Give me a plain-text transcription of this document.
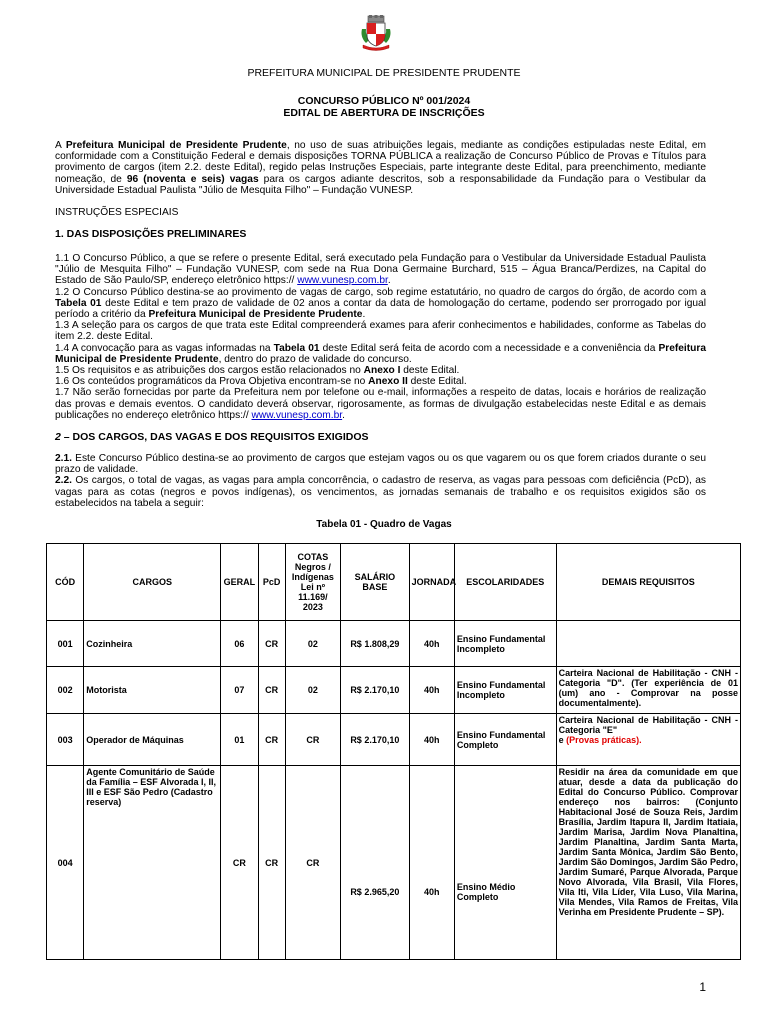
PREFEITURA MUNICIPAL DE PRESIDENTE PRUDENTE
CONCURSO PÚBLICO Nº 001/2024
EDITAL DE ABERTURA DE INSCRIÇÕES

A Prefeitura Municipal de Presidente Prudente, no uso de suas atribuições legais, mediante as condições estipuladas neste Edital, em conformidade com a Constituição Federal e demais disposições TORNA PÚBLICA a realização de Concurso Público de Provas e Títulos para provimento de cargos (item 2.2. deste Edital), regido pelas Instruções Especiais, parte integrante deste Edital, para preenchimento, mediante nomeação, de 96 (noventa e seis) vagas para os cargos adiante descritos, sob a responsabilidade da Fundação para o Vestibular da Universidade Estadual Paulista "Júlio de Mesquita Filho" – Fundação VUNESP.

INSTRUÇÕES ESPECIAIS
1. DAS DISPOSIÇÕES PRELIMINARES

1.1 O Concurso Público, a que se refere o presente Edital, será executado pela Fundação para o Vestibular da Universidade Estadual Paulista "Júlio de Mesquita Filho" – Fundação VUNESP, com sede na Rua Dona Germaine Burchard, 515 – Água Branca/Perdizes, na Capital do Estado de São Paulo/SP, endereço eletrônico https:// www.vunesp.com.br.

1.2 O Concurso Público destina-se ao provimento de vagas de cargo, sob regime estatutário, no quadro de cargos do órgão, de acordo com a Tabela 01 deste Edital e tem prazo de validade de 02 anos a contar da data de homologação do certame, podendo ser prorrogado por igual período a critério da Prefeitura Municipal de Presidente Prudente.

1.3 A seleção para os cargos de que trata este Edital compreenderá exames para aferir conhecimentos e habilidades, conforme as Tabelas do item 2.2. deste Edital.

1.4 A convocação para as vagas informadas na Tabela 01 deste Edital será feita de acordo com a necessidade e a conveniência da Prefeitura Municipal de Presidente Prudente, dentro do prazo de validade do concurso.

1.5 Os requisitos e as atribuições dos cargos estão relacionados no Anexo I deste Edital.

1.6 Os conteúdos programáticos da Prova Objetiva encontram-se no Anexo II deste Edital.

1.7 Não serão fornecidas por parte da Prefeitura nem por telefone ou e-mail, informações a respeito de datas, locais e horários de realização das provas e demais eventos. O candidato deverá observar, rigorosamente, as formas de divulgação estabelecidas neste Edital e as demais publicações no endereço eletrônico https:// www.vunesp.com.br.

2 – DOS CARGOS, DAS VAGAS E DOS REQUISITOS EXIGIDOS

2.1. Este Concurso Público destina-se ao provimento de cargos que estejam vagos ou os que vagarem ou os que forem criados durante o seu prazo de validade.

2.2. Os cargos, o total de vagas, as vagas para ampla concorrência, o cadastro de reserva, as vagas para pessoas com deficiência (PcD), as vagas para as cotas (negros e povos indígenas), os vencimentos, as jornadas semanais de trabalho e os requisitos exigidos são os estabelecidos na tabela a seguir:

Tabela 01 - Quadro de Vagas
CÓD	CARGOS	GERAL	PcD	COTAS Negros / Indígenas Lei nº 11.169/ 2023	SALÁRIO BASE	JORNADA	ESCOLARIDADES	DEMAIS REQUISITOS
001	Cozinheira	06	CR	02	R$ 1.808,29	40h	Ensino Fundamental Incompleto	
002	Motorista	07	CR	02	R$ 2.170,10	40h	Ensino Fundamental Incompleto	Carteira Nacional de Habilitação - CNH - Categoria "D". (Ter experiência de 01 (um) ano - Comprovar na posse documentalmente).
003	Operador de Máquinas	01	CR	CR	R$ 2.170,10	40h	Ensino Fundamental Completo	Carteira Nacional de Habilitação - CNH - Categoria "E"
e (Provas práticas).
004	Agente Comunitário de Saúde da Família – ESF Alvorada I, II, III e ESF São Pedro (Cadastro reserva)	CR	CR	CR	R$ 2.965,20	40h	Ensino Médio Completo	Residir na área da comunidade em que atuar, desde a data da publicação do Edital do Concurso Público. Comprovar endereço nos bairros: (Conjunto Habitacional José de Souza Reis, Jardim Brasília, Jardim Itapura II, Jardim Itatiaia, Jardim Marisa, Jardim Nova Planaltina, Jardim Planaltina, Jardim Santa Marta, Jardim Santa Mônica, Jardim São Bento, Jardim São Domingos, Jardim São Pedro, Jardim Sumaré, Parque Alvorada, Parque Novo Alvorada, Vila Brasil, Vila Flores, Vila Iti, Vila Líder, Vila Luso, Vila Marina, Vila Mendes, Vila Ramos de Freitas, Vila Verinha em Presidente Prudente – SP).
1
